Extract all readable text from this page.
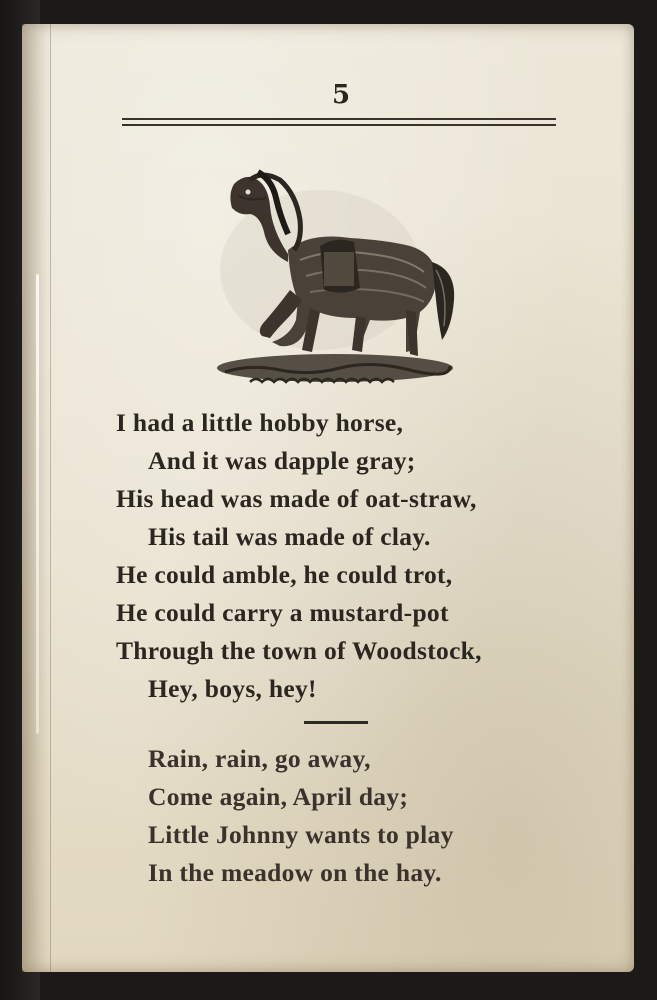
5
I had a little hobby horse,
And it was dapple gray;
His head was made of oat-straw,
His tail was made of clay.
He could amble, he could trot,
He could carry a mustard-pot
Through the town of Woodstock,
Hey, boys, hey!
Rain, rain, go away,
Come again, April day;
Little Johnny wants to play
In the meadow on the hay.
